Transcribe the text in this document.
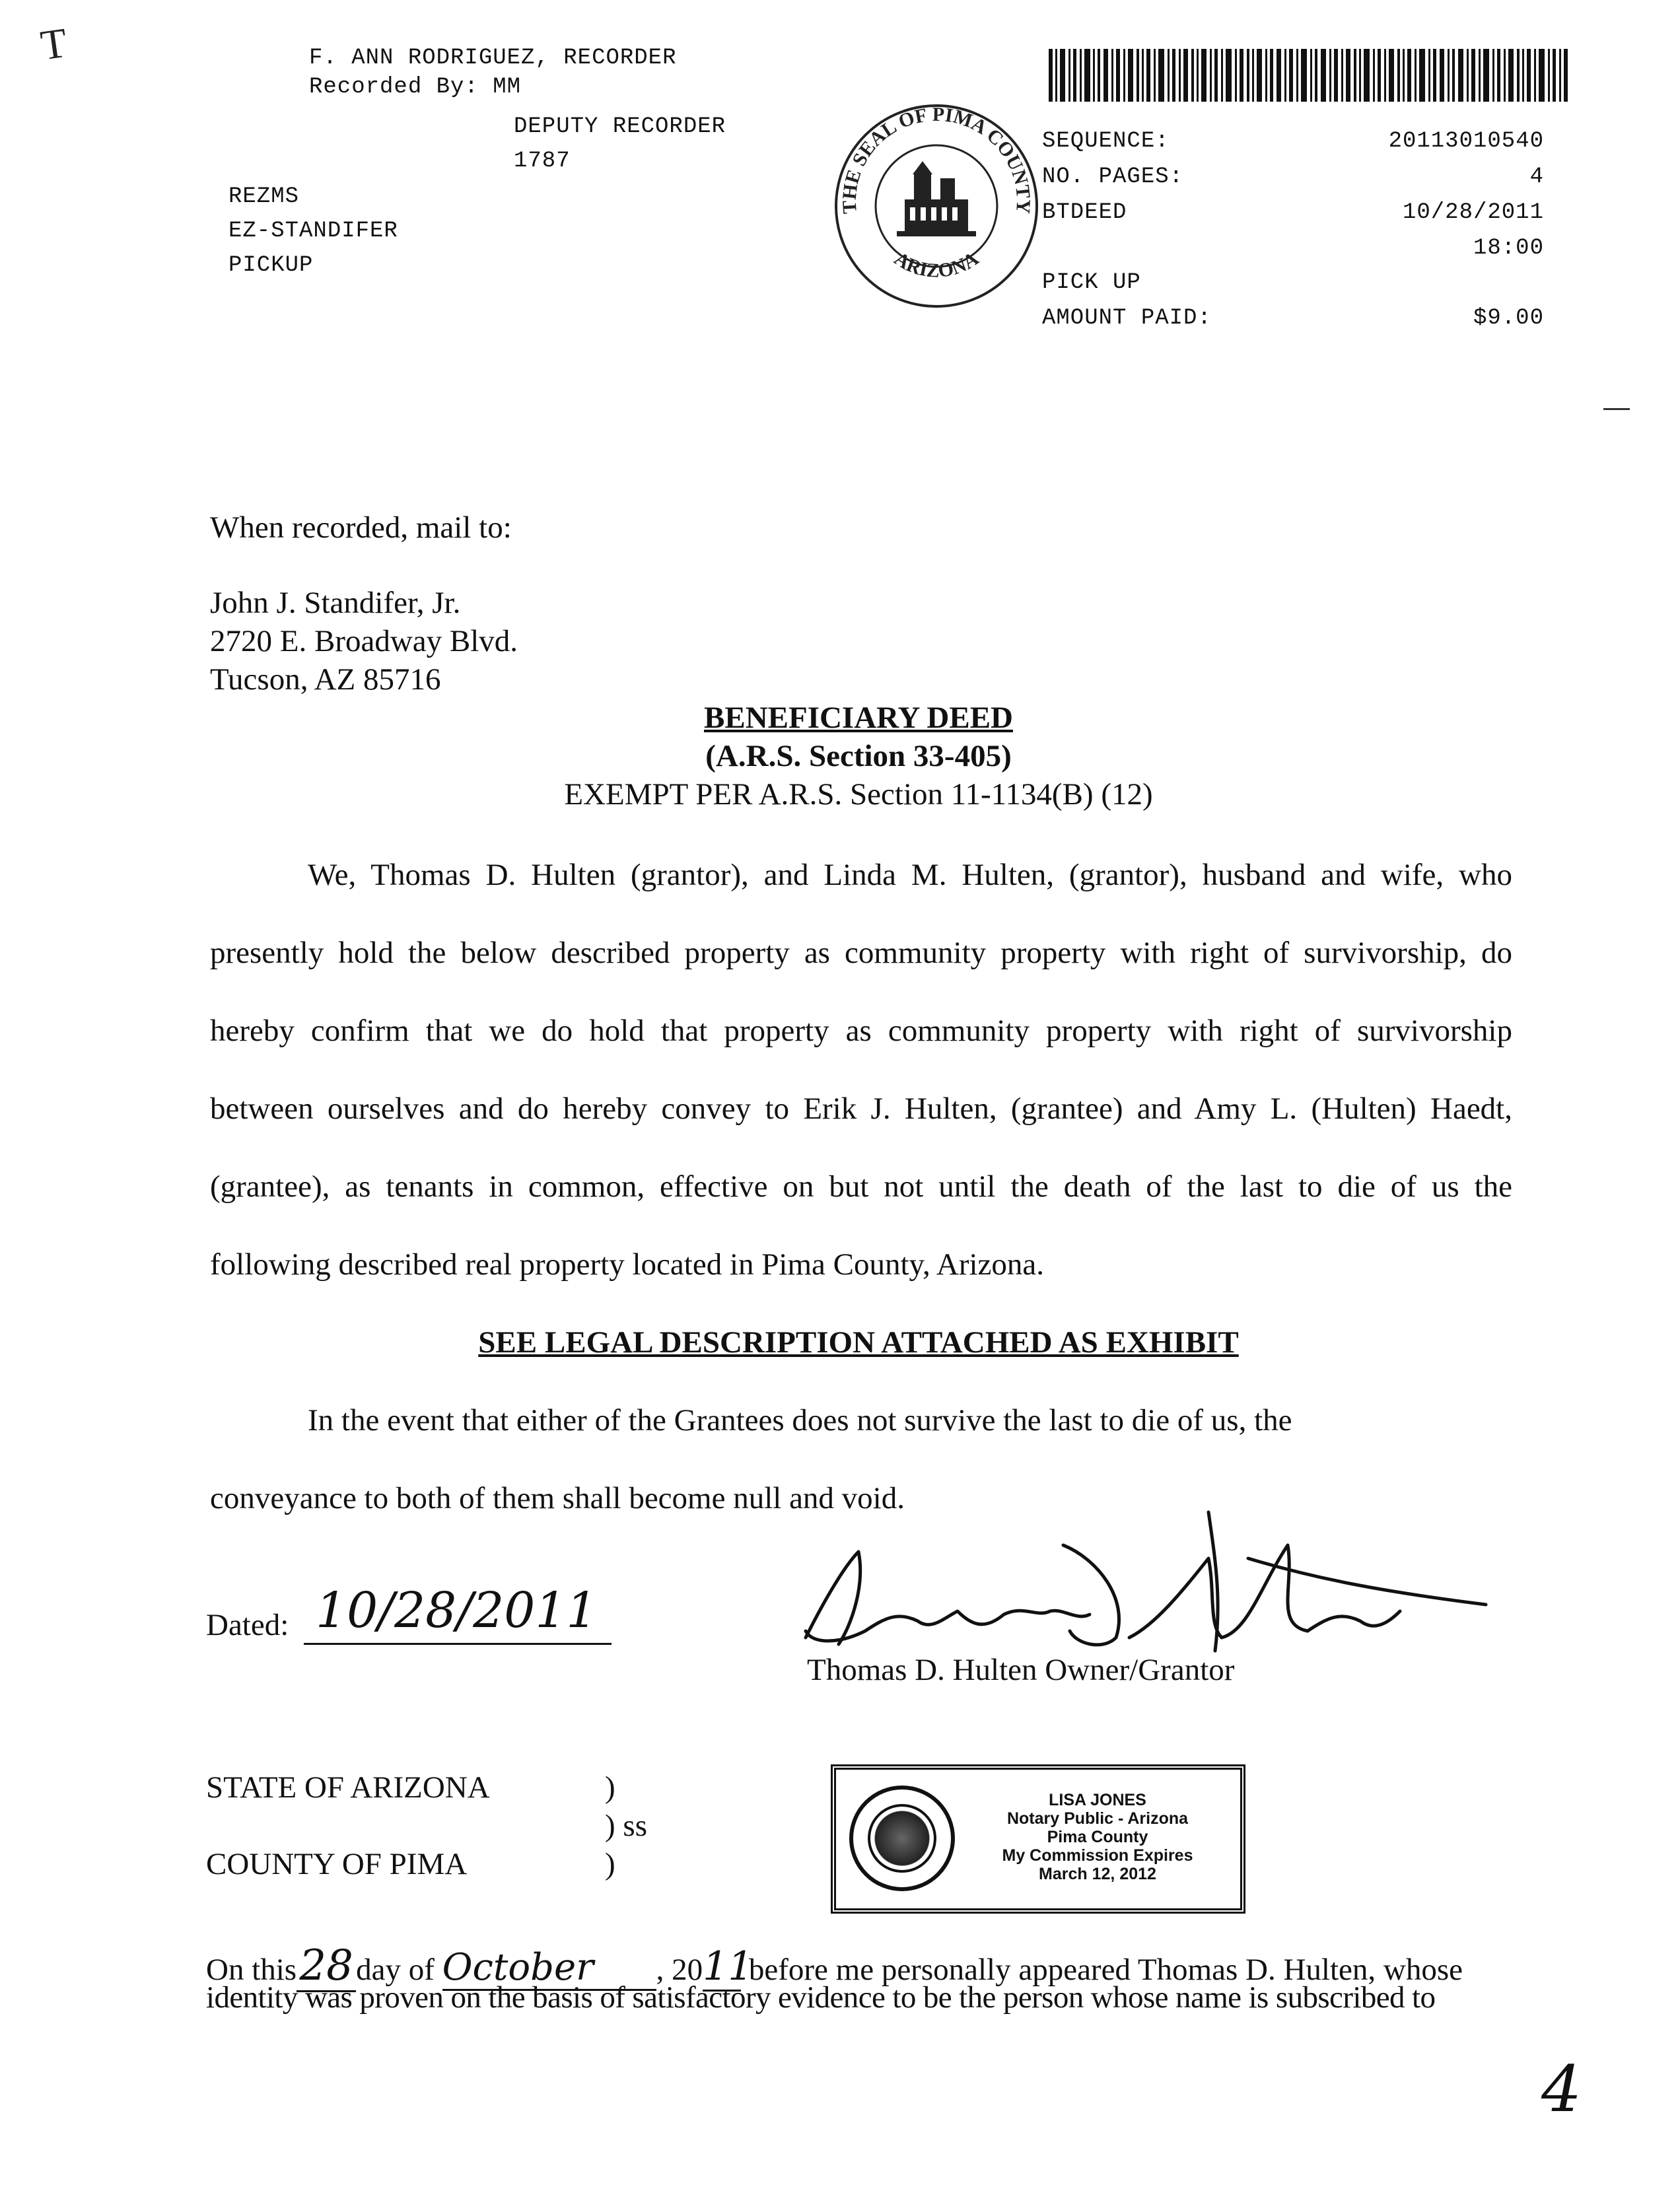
T	F. ANN RODRIGUEZ, RECORDER
Recorded By: MM
DEPUTY RECORDER
1787
REZMS
EZ-STANDIFER
PICKUP
THE SEAL OF PIMA COUNTY
ARIZONA
SEQUENCE:	20113010540
NO. PAGES:	4
BTDEED	10/28/2011
18:00
PICK UP
AMOUNT PAID:	$9.00
When recorded, mail to:
John J. Standifer, Jr.
2720 E. Broadway Blvd.
Tucson, AZ 85716
BENEFICIARY DEED
(A.R.S. Section 33-405)
EXEMPT PER A.R.S. Section 11-1134(B) (12)
We, Thomas D. Hulten (grantor), and Linda M. Hulten, (grantor), husband and wife, who
presently hold the below described property as community property with right of survivorship, do
hereby confirm that we do hold that property as community property with right of survivorship
between ourselves and do hereby convey to Erik J. Hulten, (grantee) and Amy L. (Hulten) Haedt,
(grantee), as tenants in common, effective on but not until the death of the last to die of us the
following described real property located in Pima County, Arizona.
SEE LEGAL DESCRIPTION ATTACHED AS EXHIBIT
In the event that either of the Grantees does not survive the last to die of us, the
conveyance to both of them shall become null and void.
Dated: 10/28/2011
Thomas D. Hulten Owner/Grantor
STATE OF ARIZONA	)
) ss
COUNTY OF PIMA	)
LISA JONES
Notary Public - Arizona
Pima County
My Commission Expires
March 12, 2012
On this28day of October , 2011 before me personally appeared Thomas D. Hulten, whose
identity was proven on the basis of satisfactory evidence to be the person whose name is subscribed to
4
